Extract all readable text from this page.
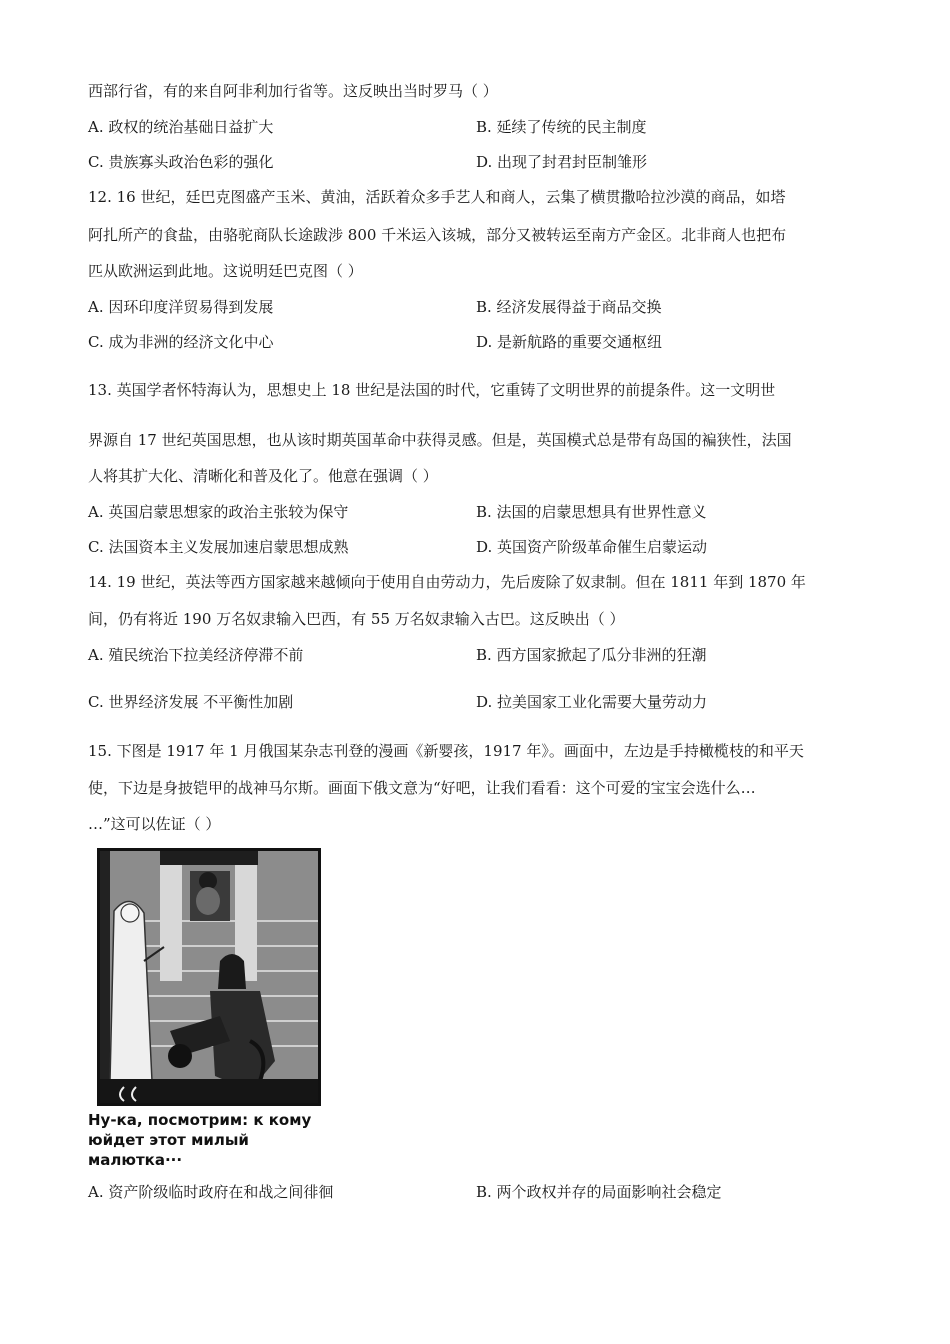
西部行省，有的来自阿非利加行省等。这反映出当时罗马（ ）
A. 政权的统治基础日益扩大	B. 延续了传统的民主制度
C. 贵族寡头政治色彩的强化	D. 出现了封君封臣制雏形
12. 16 世纪，廷巴克图盛产玉米、黄油，活跃着众多手艺人和商人，云集了横贯撒哈拉沙漠的商品，如塔
阿扎所产的食盐，由骆驼商队长途跋涉 800 千米运入该城，部分又被转运至南方产金区。北非商人也把布
匹从欧洲运到此地。这说明廷巴克图（ ）
A. 因环印度洋贸易得到发展	B. 经济发展得益于商品交换
C. 成为非洲的经济文化中心	D. 是新航路的重要交通枢纽
13. 英国学者怀特海认为，思想史上 18 世纪是法国的时代，它重铸了文明世界的前提条件。这一文明世
界源自 17 世纪英国思想，也从该时期英国革命中获得灵感。但是，英国模式总是带有岛国的褊狭性，法国
人将其扩大化、清晰化和普及化了。他意在强调（ ）
A. 英国启蒙思想家的政治主张较为保守	B. 法国的启蒙思想具有世界性意义
C. 法国资本主义发展加速启蒙思想成熟	D. 英国资产阶级革命催生启蒙运动
14. 19 世纪，英法等西方国家越来越倾向于使用自由劳动力，先后废除了奴隶制。但在 1811 年到 1870 年
间，仍有将近 190 万名奴隶输入巴西，有 55 万名奴隶输入古巴。这反映出（ ）
A. 殖民统治下拉美经济停滞不前	B. 西方国家掀起了瓜分非洲的狂潮
C. 世界经济发展 不平衡性加剧	D. 拉美国家工业化需要大量劳动力
15. 下图是 1917 年 1 月俄国某杂志刊登的漫画《新婴孩，1917 年》。画面中，左边是手持橄榄枝的和平天
使，下边是身披铠甲的战神马尔斯。画面下俄文意为“好吧，让我们看看：这个可爱的宝宝会选什么…
…”这可以佐证（ ）
Ну-ка, посмотрим: к кому
юйдет этот милый малютка···
A. 资产阶级临时政府在和战之间徘徊	B. 两个政权并存的局面影响社会稳定
